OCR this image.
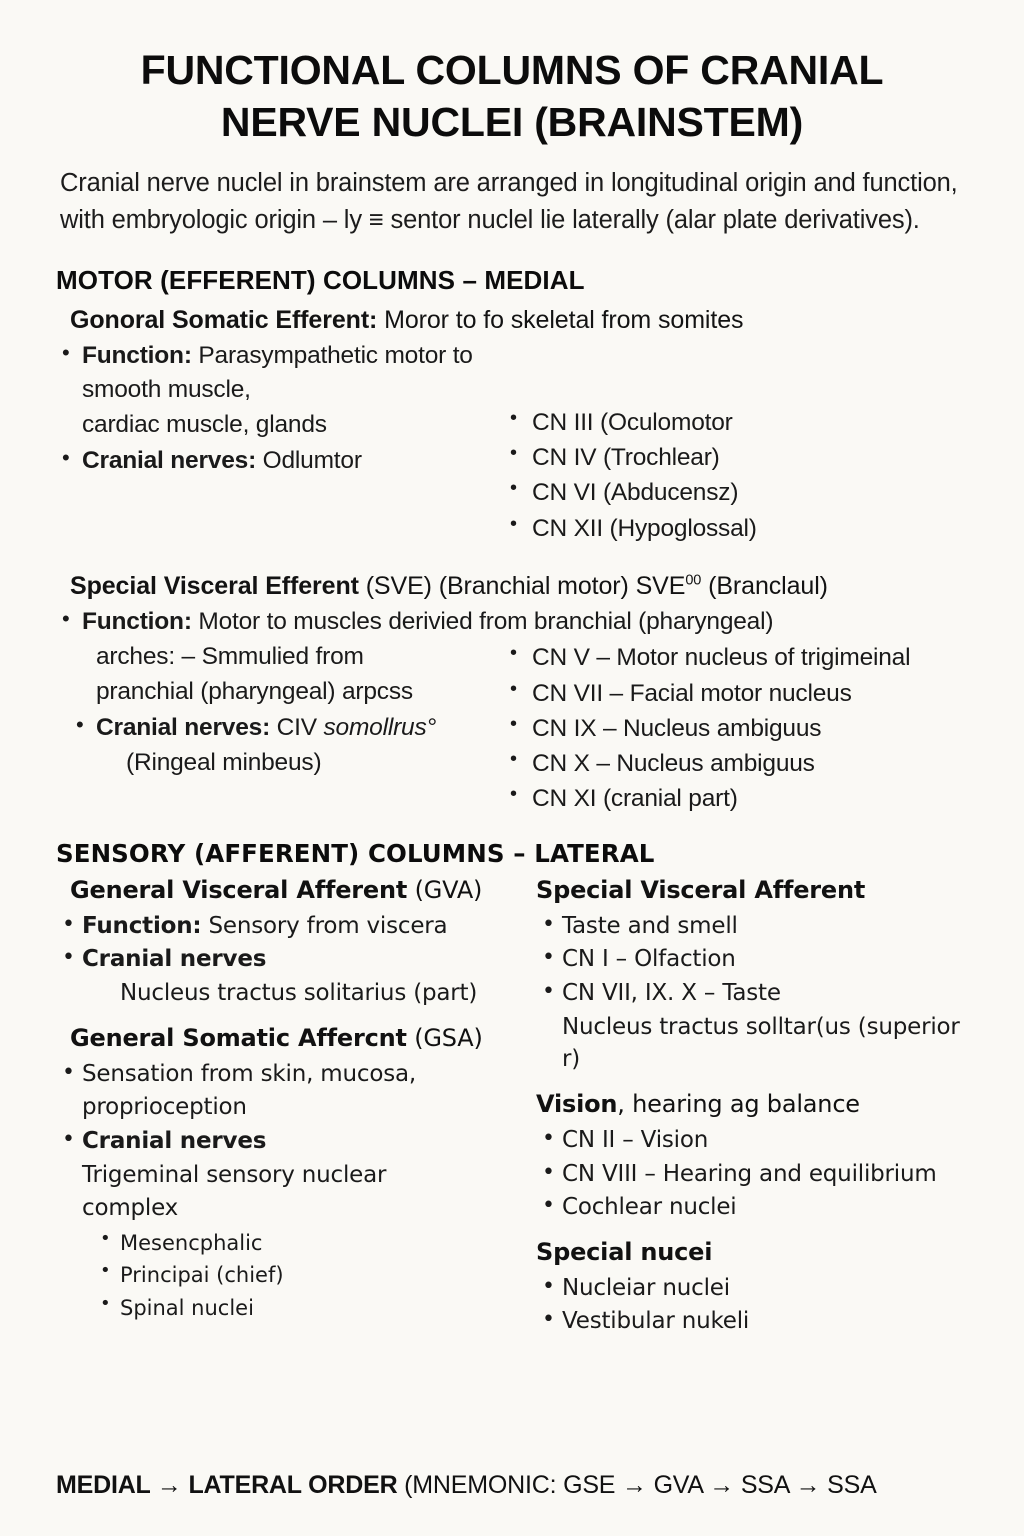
FUNCTIONAL COLUMNS OF CRANIAL
NERVE NUCLEI (BRAINSTEM)

Cranial nerve nuclel in brainstem are arranged in longitudinal origin and function, with embryologic origin – ly ≡ sentor nuclel lie laterally (alar plate derivatives).

MOTOR (EFFERENT) COLUMNS – MEDIAL
Gonoral Somatic Efferent: Moror to fo skeletal from somites
• Function: Parasympathetic motor to smooth muscle,
cardiac muscle, glands
• Cranial nerves: Odlumtor
• CN III (Oculomotor
• CN IV (Trochlear)
• CN VI (Abducensz)
• CN XII (Hypoglossal)
Special Visceral Efferent (SVE) (Branchial motor) SVE$^{00}$ (Branclaul)
• Function: Motor to muscles derivied from branchial (pharyngeal)
arches: – Smmulied from
pranchial (pharyngeal) arpcss
• Cranial nerves: CIV somollrus°
(Ringeal minbeus)
• CN V – Motor nucleus of trigimeinal
• CN VII – Facial motor nucleus
• CN IX – Nucleus ambiguus
• CN X – Nucleus ambiguus
• CN XI (cranial part)
SENSORY (AFFERENT) COLUMNS – LATERAL
General Visceral Afferent (GVA)
• Function: Sensory from viscera
• Cranial nerves
Nucleus tractus solitarius (part)
General Somatic Affercnt (GSA)
• Sensation from skin, mucosa,
proprioception
• Cranial nerves
Trigeminal sensory nuclear
complex
• Mesencphalic
• Principai (chief)
• Spinal nuclei
Special Visceral Afferent
• Taste and smell
• CN I – Olfaction
• CN VII, IX. X – Taste
Nucleus tractus solltar(us (superior r)
Vision, hearing ag balance
• CN II – Vision
• CN VIII – Hearing and equilibrium
• Cochlear nuclei
Special nucei
• Nucleiar nuclei
• Vestibular nukeli
MEDIAL → LATERAL ORDER (MNEMONIC: GSE → GVA → SSA → SSA
